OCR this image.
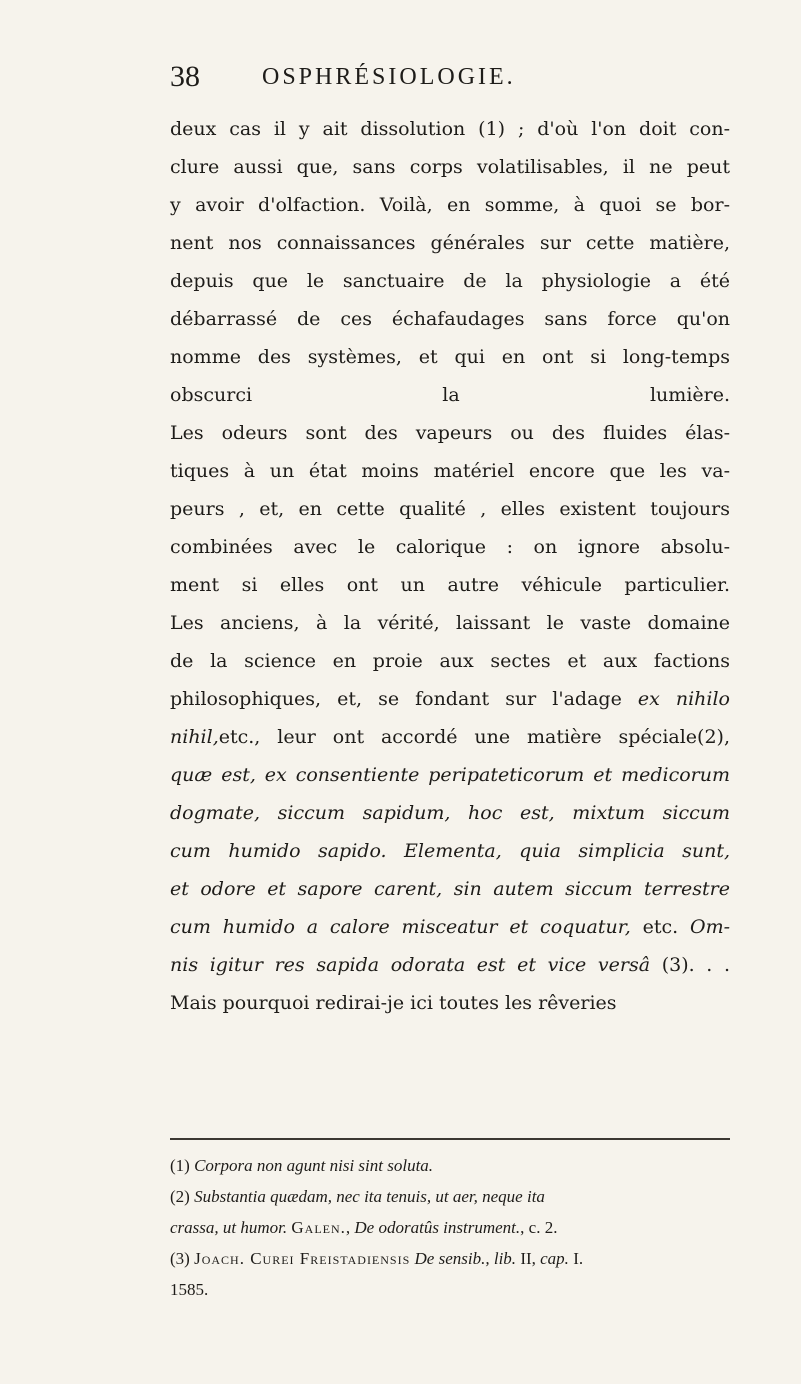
38	OSPHRÉSIOLOGIE.
deux cas il y ait dissolution (1) ; d'où l'on doit con-
clure aussi que, sans corps volatilisables, il ne peut
y avoir d'olfaction. Voilà, en somme, à quoi se bor-
nent nos connaissances générales sur cette matière,
depuis que le sanctuaire de la physiologie a été
débarrassé de ces échafaudages sans force qu'on
nomme des systèmes, et qui en ont si long-temps
obscurci la lumière.
Les odeurs sont des vapeurs ou des fluides élas-
tiques à un état moins matériel encore que les va-
peurs , et, en cette qualité , elles existent toujours
combinées avec le calorique : on ignore absolu-
ment si elles ont un autre véhicule particulier.
Les anciens, à la vérité, laissant le vaste domaine
de la science en proie aux sectes et aux factions
philosophiques, et, se fondant sur l'adage ex nihilo
nihil,etc., leur ont accordé une matière spéciale(2),
quæ est, ex consentiente peripateticorum et medicorum
dogmate, siccum sapidum, hoc est, mixtum siccum
cum humido sapido. Elementa, quia simplicia sunt,
et odore et sapore carent, sin autem siccum terrestre
cum humido a calore misceatur et coquatur, etc. Om-
nis igitur res sapida odorata est et vice versâ (3). . .
Mais pourquoi redirai-je ici toutes les rêveries
(1) Corpora non agunt nisi sint soluta.
(2) Substantia quædam, nec ita tenuis, ut aer, neque ita
crassa, ut humor. Galen., De odoratûs instrument., c. 2.
(3) Joach. Curei Freistadiensis De sensib., lib. II, cap. I.
1585.
